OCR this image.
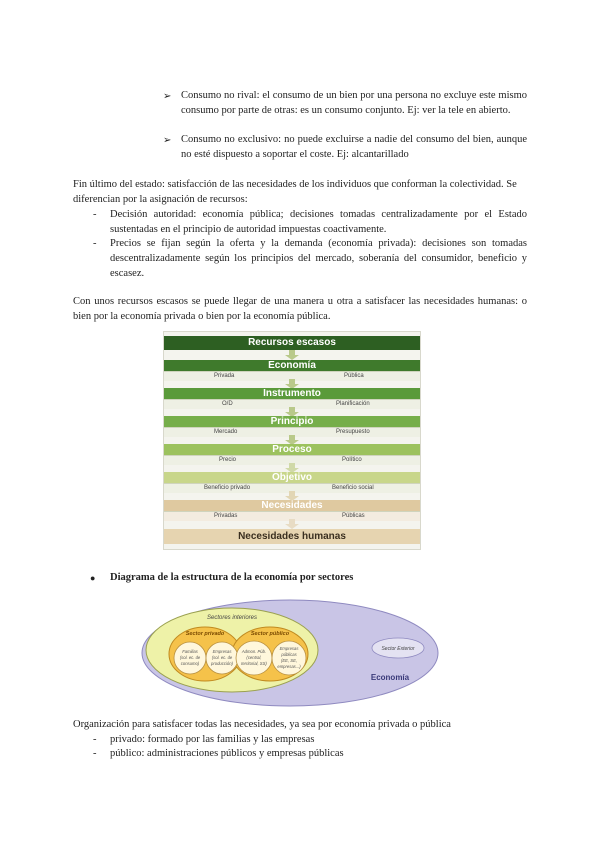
➢ Consumo no rival: el consumo de un bien por una persona no excluye este mismo consumo por parte de otras: es un consumo conjunto. Ej: ver la tele en abierto.
➢ Consumo no exclusivo: no puede excluirse a nadie del consumo del bien, aunque no esté dispuesto a soportar el coste. Ej: alcantarillado
Fin último del estado: satisfacción de las necesidades de los individuos que conforman la colectividad. Se diferencian por la asignación de recursos:
- Decisión autoridad: economía pública; decisiones tomadas centralizadamente por el Estado sustentadas en el principio de autoridad impuestas coactivamente.
- Precios se fijan según la oferta y la demanda (economía privada): decisiones son tomadas descentralizadamente según los principios del mercado, soberanía del consumidor, beneficio y escasez.
Con unos recursos escasos se puede llegar de una manera u otra a satisfacer las necesidades humanas: o bien por la economía privada o bien por la economía pública.
Recursos escasos
Economía
Privada	Pública
Instrumento
O/D	Planificación
Principio
Mercado	Presupuesto
Proceso
Precio	Político
Objetivo
Beneficio privado	Beneficio social
Necesidades
Privadas	Públicas
Necesidades humanas
● Diagrama de la estructura de la economía por sectores
Sectores interiores
Sector privado	Sector público
Sector Exterior
Economía
Familias
(sol. ec. de
consumo)
Empresas
(sol. ec. de
producción)
Admon. Púb.
(central,
territorial, SS)
Empresas
públicas
(EE, SE,
empresas...)
Organización para satisfacer todas las necesidades, ya sea por economía privada o pública
- privado: formado por las familias y las empresas
- público: administraciones públicos y empresas públicas
